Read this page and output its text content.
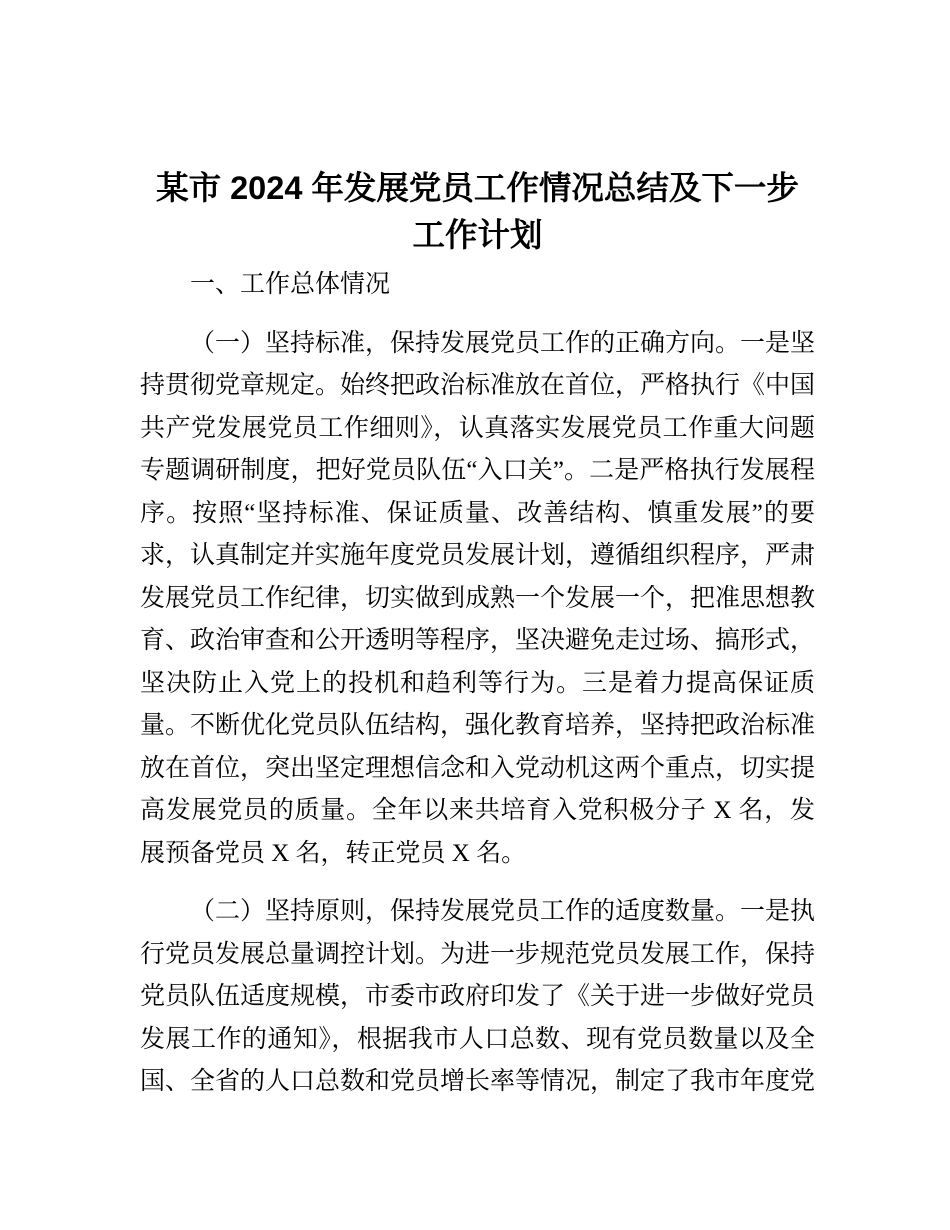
某市 2024 年发展党员工作情况总结及下一步工作计划
一、工作总体情况

（一）坚持标准，保持发展党员工作的正确方向。一是坚持贯彻党章规定。始终把政治标准放在首位，严格执行《中国共产党发展党员工作细则》，认真落实发展党员工作重大问题专题调研制度，把好党员队伍“入口关”。二是严格执行发展程序。按照“坚持标准、保证质量、改善结构、慎重发展”的要求，认真制定并实施年度党员发展计划，遵循组织程序，严肃发展党员工作纪律，切实做到成熟一个发展一个，把准思想教育、政治审查和公开透明等程序，坚决避免走过场、搞形式，坚决防止入党上的投机和趋利等行为。三是着力提高保证质量。不断优化党员队伍结构，强化教育培养，坚持把政治标准放在首位，突出坚定理想信念和入党动机这两个重点，切实提高发展党员的质量。全年以来共培育入党积极分子 X 名，发展预备党员 X 名，转正党员 X 名。

（二）坚持原则，保持发展党员工作的适度数量。一是执行党员发展总量调控计划。为进一步规范党员发展工作，保持党员队伍适度规模，市委市政府印发了《关于进一步做好党员发展工作的通知》，根据我市人口总数、现有党员数量以及全国、全省的人口总数和党员增长率等情况，制定了我市年度党
